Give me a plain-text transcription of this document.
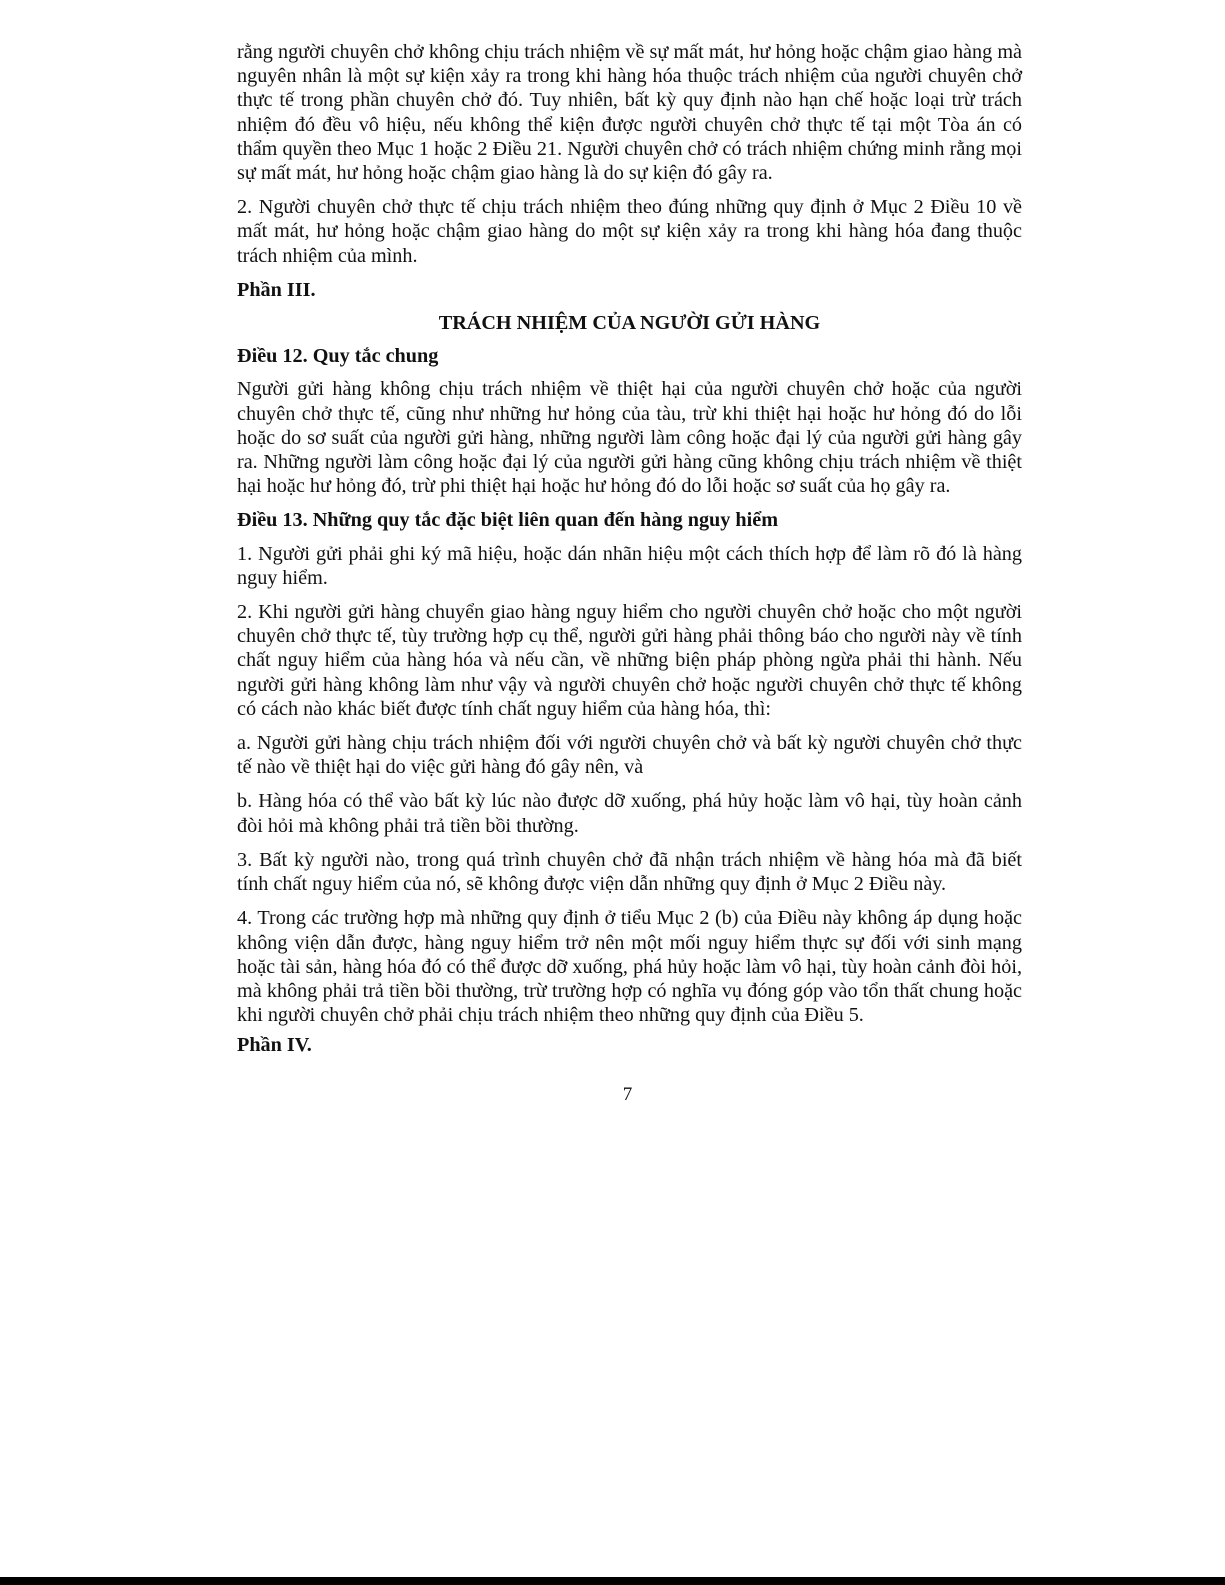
rằng người chuyên chở không chịu trách nhiệm về sự mất mát, hư hỏng hoặc chậm giao hàng mà nguyên nhân là một sự kiện xảy ra trong khi hàng hóa thuộc trách nhiệm của người chuyên chở thực tế trong phần chuyên chở đó. Tuy nhiên, bất kỳ quy định nào hạn chế hoặc loại trừ trách nhiệm đó đều vô hiệu, nếu không thể kiện được người chuyên chở thực tế tại một Tòa án có thẩm quyền theo Mục 1 hoặc 2 Điều 21. Người chuyên chở có trách nhiệm chứng minh rằng mọi sự mất mát, hư hỏng hoặc chậm giao hàng là do sự kiện đó gây ra.

2. Người chuyên chở thực tế chịu trách nhiệm theo đúng những quy định ở Mục 2 Điều 10 về mất mát, hư hỏng hoặc chậm giao hàng do một sự kiện xảy ra trong khi hàng hóa đang thuộc trách nhiệm của mình.

Phần III.

TRÁCH NHIỆM CỦA NGƯỜI GỬI HÀNG

Điều 12. Quy tắc chung

Người gửi hàng không chịu trách nhiệm về thiệt hại của người chuyên chở hoặc của người chuyên chở thực tế, cũng như những hư hỏng của tàu, trừ khi thiệt hại hoặc hư hỏng đó do lỗi hoặc do sơ suất của người gửi hàng, những người làm công hoặc đại lý của người gửi hàng gây ra. Những người làm công hoặc đại lý của người gửi hàng cũng không chịu trách nhiệm về thiệt hại hoặc hư hỏng đó, trừ phi thiệt hại hoặc hư hỏng đó do lỗi hoặc sơ suất của họ gây ra.

Điều 13. Những quy tắc đặc biệt liên quan đến hàng nguy hiểm

1. Người gửi phải ghi ký mã hiệu, hoặc dán nhãn hiệu một cách thích hợp để làm rõ đó là hàng nguy hiểm.

2. Khi người gửi hàng chuyển giao hàng nguy hiểm cho người chuyên chở hoặc cho một người chuyên chở thực tế, tùy trường hợp cụ thể, người gửi hàng phải thông báo cho người này về tính chất nguy hiểm của hàng hóa và nếu cần, về những biện pháp phòng ngừa phải thi hành. Nếu người gửi hàng không làm như vậy và người chuyên chở hoặc người chuyên chở thực tế không có cách nào khác biết được tính chất nguy hiểm của hàng hóa, thì:

a. Người gửi hàng chịu trách nhiệm đối với người chuyên chở và bất kỳ người chuyên chở thực tế nào về thiệt hại do việc gửi hàng đó gây nên, và

b. Hàng hóa có thể vào bất kỳ lúc nào được dỡ xuống, phá hủy hoặc làm vô hại, tùy hoàn cảnh đòi hỏi mà không phải trả tiền bồi thường.

3. Bất kỳ người nào, trong quá trình chuyên chở đã nhận trách nhiệm về hàng hóa mà đã biết tính chất nguy hiểm của nó, sẽ không được viện dẫn những quy định ở Mục 2 Điều này.

4. Trong các trường hợp mà những quy định ở tiểu Mục 2 (b) của Điều này không áp dụng hoặc không viện dẫn được, hàng nguy hiểm trở nên một mối nguy hiểm thực sự đối với sinh mạng hoặc tài sản, hàng hóa đó có thể được dỡ xuống, phá hủy hoặc làm vô hại, tùy hoàn cảnh đòi hỏi, mà không phải trả tiền bồi thường, trừ trường hợp có nghĩa vụ đóng góp vào tổn thất chung hoặc khi người chuyên chở phải chịu trách nhiệm theo những quy định của Điều 5.

Phần IV.

7
